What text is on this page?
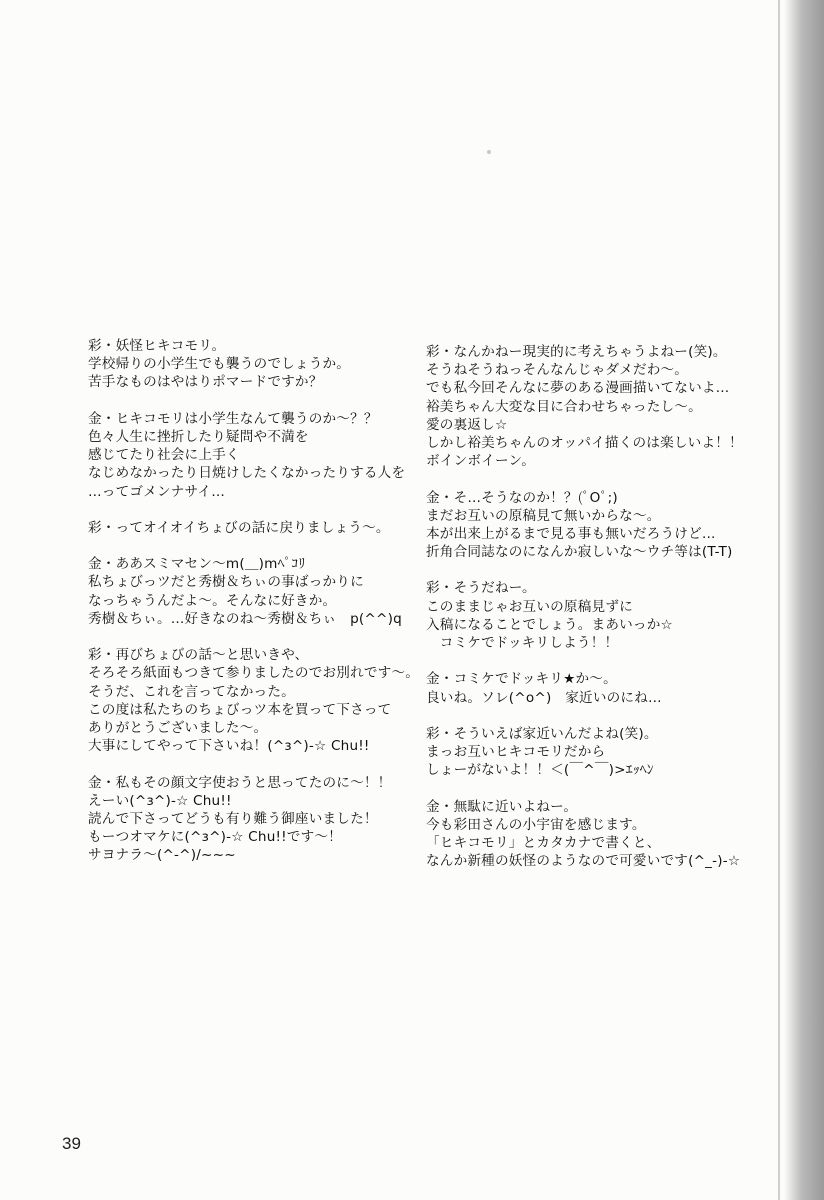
彩・妖怪ヒキコモリ。
学校帰りの小学生でも襲うのでしょうか。
苦手なものはやはりポマードですか？
金・ヒキコモリは小学生なんて襲うのか～？？
色々人生に挫折したり疑問や不満を
感じてたり社会に上手く
なじめなかったり日焼けしたくなかったりする人を
…ってゴメンナサイ…
彩・ってオイオイちょびの話に戻りましょう～。
金・ああスミマセン～m(＿)mﾍﾟｺﾘ
私ちょびっツだと秀樹＆ちぃの事ばっかりに
なっちゃうんだよ～。そんなに好きか。
秀樹＆ちぃ。…好きなのね～秀樹＆ちぃ　p(^^)q
彩・再びちょびの話～と思いきや、
そろそろ紙面もつきて参りましたのでお別れです～。
そうだ、これを言ってなかった。
この度は私たちのちょびっツ本を買って下さって
ありがとうございました～。
大事にしてやって下さいね！(^з^)-☆ Chu!!
金・私もその顔文字使おうと思ってたのに～！！
えーい(^з^)-☆ Chu!!
読んで下さってどうも有り難う御座いました！
もーつオマケに(^з^)-☆ Chu!!です～！
サヨナラ～(^-^)/~~~
彩・なんかねー現実的に考えちゃうよねー(笑)。
そうねそうねっそんなんじゃダメだわ～。
でも私今回そんなに夢のある漫画描いてないよ…
裕美ちゃん大変な目に合わせちゃったし～。
愛の裏返し☆
しかし裕美ちゃんのオッパイ描くのは楽しいよ！！
ボインボイーン。
金・そ…そうなのか！？(ﾟOﾟ;)
まだお互いの原稿見て無いからな～。
本が出来上がるまで見る事も無いだろうけど…
折角合同誌なのになんか寂しいな～ウチ等は(T-T)
彩・そうだねー。
このままじゃお互いの原稿見ずに
入稿になることでしょう。まあいっか☆
　コミケでドッキリしよう！！
金・コミケでドッキリ★か～。
良いね。ソレ(^o^)　家近いのにね…
彩・そういえば家近いんだよね(笑)。
まっお互いヒキコモリだから
しょーがないよ！！＜(￣^￣)>ｴｯﾍﾝ
金・無駄に近いよねー。
今も彩田さんの小宇宙を感じます。
「ヒキコモリ」とカタカナで書くと、
なんか新種の妖怪のようなので可愛いです(^_-)-☆
39
